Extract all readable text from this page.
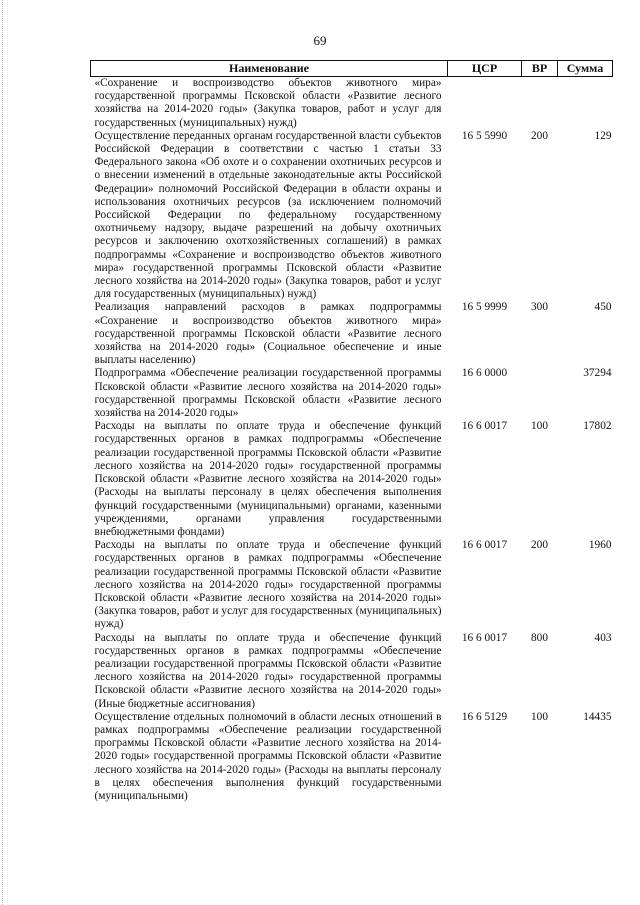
69
Наименование	ЦСР	ВР	Сумма
«Сохранение и воспроизводство объектов животного мира» государственной программы Псковской области «Развитие лесного хозяйства на 2014-2020 годы» (Закупка товаров, работ и услуг для государственных (муниципальных) нужд)			
Осуществление переданных органам государственной власти субъектов Российской Федерации в соответствии с частью 1 статьи 33 Федерального закона «Об охоте и о сохранении охотничьих ресурсов и о внесении изменений в отдельные законодательные акты Российской Федерации» полномочий Российской Федерации в области охраны и использования охотничьих ресурсов (за исключением полномочий Российской Федерации по федеральному государственному охотничьему надзору, выдаче разрешений на добычу охотничьих ресурсов и заключению охотхозяйственных соглашений) в рамках подпрограммы «Сохранение и воспроизводство объектов животного мира» государственной программы Псковской области «Развитие лесного хозяйства на 2014-2020 годы» (Закупка товаров, работ и услуг для государственных (муниципальных) нужд)	16 5 5990	200	129
Реализация направлений расходов в рамках подпрограммы «Сохранение и воспроизводство объектов животного мира» государственной программы Псковской области «Развитие лесного хозяйства на 2014-2020 годы» (Социальное обеспечение и иные выплаты населению)	16 5 9999	300	450
Подпрограмма «Обеспечение реализации государственной программы Псковской области «Развитие лесного хозяйства на 2014-2020 годы» государственной программы Псковской области «Развитие лесного хозяйства на 2014-2020 годы»	16 6 0000		37294
Расходы на выплаты по оплате труда и обеспечение функций государственных органов в рамках подпрограммы «Обеспечение реализации государственной программы Псковской области «Развитие лесного хозяйства на 2014-2020 годы» государственной программы Псковской области «Развитие лесного хозяйства на 2014-2020 годы» (Расходы на выплаты персоналу в целях обеспечения выполнения функций государственными (муниципальными) органами, казенными учреждениями, органами управления государственными внебюджетными фондами)	16 6 0017	100	17802
Расходы на выплаты по оплате труда и обеспечение функций государственных органов в рамках подпрограммы «Обеспечение реализации государственной программы Псковской области «Развитие лесного хозяйства на 2014-2020 годы» государственной программы Псковской области «Развитие лесного хозяйства на 2014-2020 годы» (Закупка товаров, работ и услуг для государственных (муниципальных) нужд)	16 6 0017	200	1960
Расходы на выплаты по оплате труда и обеспечение функций государственных органов в рамках подпрограммы «Обеспечение реализации государственной программы Псковской области «Развитие лесного хозяйства на 2014-2020 годы» государственной программы Псковской области «Развитие лесного хозяйства на 2014-2020 годы» (Иные бюджетные ассигнования)	16 6 0017	800	403
Осуществление отдельных полномочий в области лесных отношений в рамках подпрограммы «Обеспечение реализации государственной программы Псковской области «Развитие лесного хозяйства на 2014-2020 годы» государственной программы Псковской области «Развитие лесного хозяйства на 2014-2020 годы» (Расходы на выплаты персоналу в целях обеспечения выполнения функций государственными (муниципальными)	16 6 5129	100	14435
